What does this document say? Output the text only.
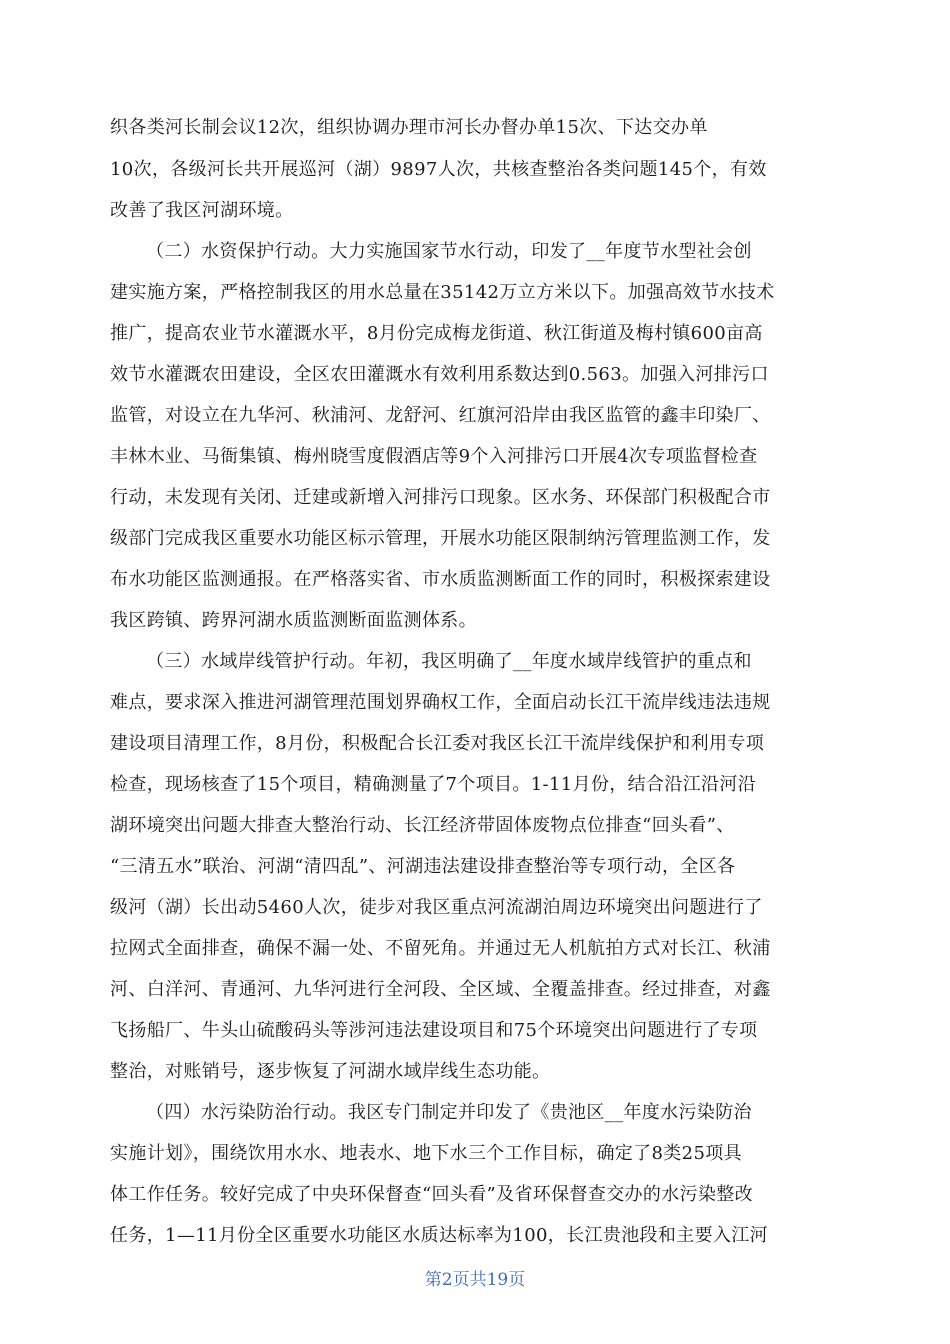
织各类河长制会议12次，组织协调办理市河长办督办单15次、下达交办单
10次，各级河长共开展巡河（湖）9897人次，共核查整治各类问题145个，有效
改善了我区河湖环境。
（二）水资保护行动。大力实施国家节水行动，印发了__年度节水型社会创
建实施方案，严格控制我区的用水总量在35142万立方米以下。加强高效节水技术
推广，提高农业节水灌溉水平，8月份完成梅龙街道、秋江街道及梅村镇600亩高
效节水灌溉农田建设，全区农田灌溉水有效利用系数达到0.563。加强入河排污口
监管，对设立在九华河、秋浦河、龙舒河、红旗河沿岸由我区监管的鑫丰印染厂、
丰林木业、马衙集镇、梅州晓雪度假酒店等9个入河排污口开展4次专项监督检查
行动，未发现有关闭、迁建或新增入河排污口现象。区水务、环保部门积极配合市
级部门完成我区重要水功能区标示管理，开展水功能区限制纳污管理监测工作，发
布水功能区监测通报。在严格落实省、市水质监测断面工作的同时，积极探索建设
我区跨镇、跨界河湖水质监测断面监测体系。
（三）水域岸线管护行动。年初，我区明确了__年度水域岸线管护的重点和
难点，要求深入推进河湖管理范围划界确权工作，全面启动长江干流岸线违法违规
建设项目清理工作，8月份，积极配合长江委对我区长江干流岸线保护和利用专项
检查，现场核查了15个项目，精确测量了7个项目。1-11月份，结合沿江沿河沿
湖环境突出问题大排查大整治行动、长江经济带固体废物点位排查“回头看”、
“三清五水”联治、河湖“清四乱”、河湖违法建设排查整治等专项行动，全区各
级河（湖）长出动5460人次，徒步对我区重点河流湖泊周边环境突出问题进行了
拉网式全面排查，确保不漏一处、不留死角。并通过无人机航拍方式对长江、秋浦
河、白洋河、青通河、九华河进行全河段、全区域、全覆盖排查。经过排查，对鑫
飞扬船厂、牛头山硫酸码头等涉河违法建设项目和75个环境突出问题进行了专项
整治，对账销号，逐步恢复了河湖水域岸线生态功能。
（四）水污染防治行动。我区专门制定并印发了《贵池区__年度水污染防治
实施计划》，围绕饮用水水、地表水、地下水三个工作目标，确定了8类25项具
体工作任务。较好完成了中央环保督查“回头看”及省环保督查交办的水污染整改
任务，1—11月份全区重要水功能区水质达标率为100，长江贵池段和主要入江河
第2页共19页
